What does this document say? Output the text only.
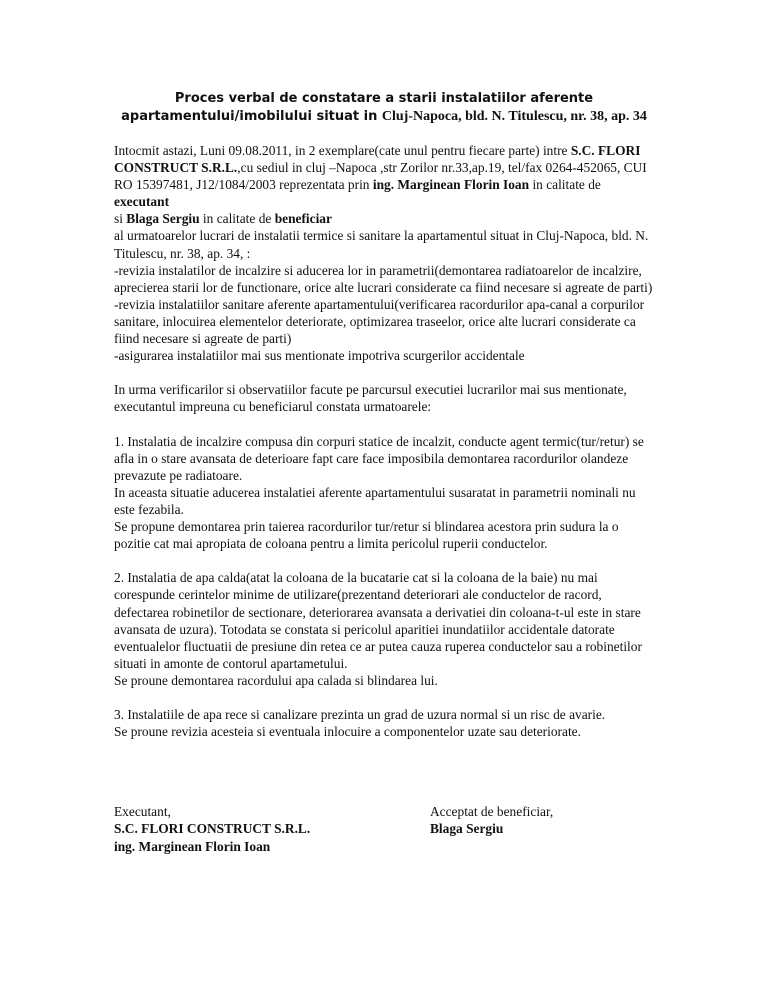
Proces verbal de constatare a starii instalatiilor aferente
apartamentului/imobilului situat in Cluj-Napoca, bld. N. Titulescu, nr. 38, ap. 34

Intocmit astazi, Luni 09.08.2011, in 2 exemplare(cate unul pentru fiecare parte) intre S.C. FLORI CONSTRUCT S.R.L.,cu sediul in cluj –Napoca ,str Zorilor nr.33,ap.19, tel/fax 0264-452065, CUI RO 15397481, J12/1084/2003 reprezentata prin ing. Marginean Florin Ioan in calitate de executant

si Blaga Sergiu in calitate de beneficiar

al urmatoarelor lucrari de instalatii termice si sanitare la apartamentul situat in Cluj-Napoca, bld. N. Titulescu, nr. 38, ap. 34, :

-revizia instalatilor de incalzire si aducerea lor in parametrii(demontarea radiatoarelor de incalzire, aprecierea starii lor de functionare, orice alte lucrari considerate ca fiind necesare si agreate de parti)

-revizia instalatiilor sanitare aferente apartamentului(verificarea racordurilor apa-canal a corpurilor sanitare, inlocuirea elementelor deteriorate, optimizarea traseelor, orice alte lucrari considerate ca fiind necesare si agreate de parti)

-asigurarea instalatiilor mai sus mentionate impotriva scurgerilor accidentale

In urma verificarilor si observatiilor facute pe parcursul executiei lucrarilor mai sus mentionate, executantul impreuna cu beneficiarul constata urmatoarele:

1. Instalatia de incalzire compusa din corpuri statice de incalzit, conducte agent termic(tur/retur) se afla in o stare avansata de deterioare fapt care face imposibila demontarea racordurilor olandeze prevazute pe radiatoare.

In aceasta situatie aducerea instalatiei aferente apartamentului susaratat in parametrii nominali nu este fezabila.

Se propune demontarea prin taierea racordurilor tur/retur si blindarea acestora prin sudura la o pozitie cat mai apropiata de coloana pentru a limita pericolul ruperii conductelor.

2. Instalatia de apa calda(atat la coloana de la bucatarie cat si la coloana de la baie) nu mai corespunde cerintelor minime de utilizare(prezentand deteriorari ale conductelor de racord, defectarea robinetilor de sectionare, deteriorarea avansata a derivatiei din coloana-t-ul este in stare avansata de uzura). Totodata se constata si pericolul aparitiei inundatiilor accidentale datorate eventualelor fluctuatii de presiune din retea ce ar putea cauza ruperea conductelor sau a robinetilor situati in amonte de contorul apartametului.

Se proune demontarea racordului apa calada si blindarea lui.

3. Instalatiile de apa rece si canalizare prezinta un grad de uzura normal si un risc de avarie.

Se proune revizia acesteia si eventuala inlocuire a componentelor uzate sau deteriorate.

Executant,
S.C. FLORI CONSTRUCT S.R.L.
ing. Marginean Florin Ioan
Acceptat de beneficiar,
Blaga Sergiu
